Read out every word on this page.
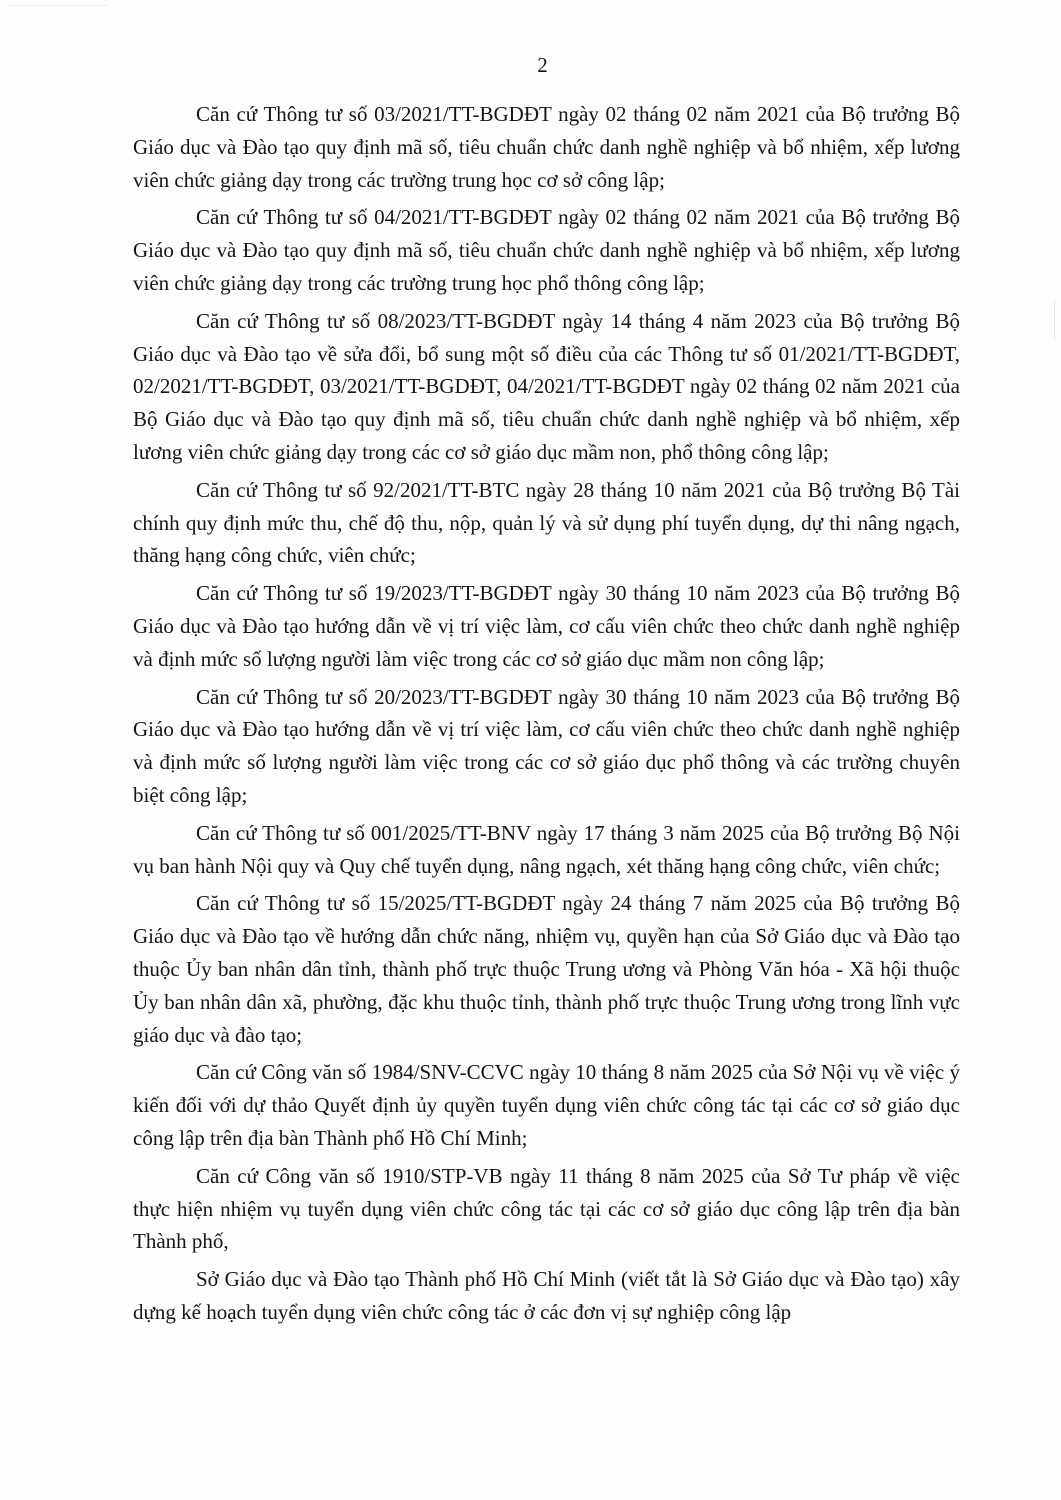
2

Căn cứ Thông tư số 03/2021/TT-BGDĐT ngày 02 tháng 02 năm 2021 của Bộ trưởng Bộ Giáo dục và Đào tạo quy định mã số, tiêu chuẩn chức danh nghề nghiệp và bổ nhiệm, xếp lương viên chức giảng dạy trong các trường trung học cơ sở công lập;

Căn cứ Thông tư số 04/2021/TT-BGDĐT ngày 02 tháng 02 năm 2021 của Bộ trưởng Bộ Giáo dục và Đào tạo quy định mã số, tiêu chuẩn chức danh nghề nghiệp và bổ nhiệm, xếp lương viên chức giảng dạy trong các trường trung học phổ thông công lập;

Căn cứ Thông tư số 08/2023/TT-BGDĐT ngày 14 tháng 4 năm 2023 của Bộ trưởng Bộ Giáo dục và Đào tạo về sửa đổi, bổ sung một số điều của các Thông tư số 01/2021/TT-BGDĐT, 02/2021/TT-BGDĐT, 03/2021/TT-BGDĐT, 04/2021/TT-BGDĐT ngày 02 tháng 02 năm 2021 của Bộ Giáo dục và Đào tạo quy định mã số, tiêu chuẩn chức danh nghề nghiệp và bổ nhiệm, xếp lương viên chức giảng dạy trong các cơ sở giáo dục mầm non, phổ thông công lập;

Căn cứ Thông tư số 92/2021/TT-BTC ngày 28 tháng 10 năm 2021 của Bộ trưởng Bộ Tài chính quy định mức thu, chế độ thu, nộp, quản lý và sử dụng phí tuyển dụng, dự thi nâng ngạch, thăng hạng công chức, viên chức;

Căn cứ Thông tư số 19/2023/TT-BGDĐT ngày 30 tháng 10 năm 2023 của Bộ trưởng Bộ Giáo dục và Đào tạo hướng dẫn về vị trí việc làm, cơ cấu viên chức theo chức danh nghề nghiệp và định mức số lượng người làm việc trong các cơ sở giáo dục mầm non công lập;

Căn cứ Thông tư số 20/2023/TT-BGDĐT ngày 30 tháng 10 năm 2023 của Bộ trưởng Bộ Giáo dục và Đào tạo hướng dẫn về vị trí việc làm, cơ cấu viên chức theo chức danh nghề nghiệp và định mức số lượng người làm việc trong các cơ sở giáo dục phổ thông và các trường chuyên biệt công lập;

Căn cứ Thông tư số 001/2025/TT-BNV ngày 17 tháng 3 năm 2025 của Bộ trưởng Bộ Nội vụ ban hành Nội quy và Quy chế tuyển dụng, nâng ngạch, xét thăng hạng công chức, viên chức;

Căn cứ Thông tư số 15/2025/TT-BGDĐT ngày 24 tháng 7 năm 2025 của Bộ trưởng Bộ Giáo dục và Đào tạo về hướng dẫn chức năng, nhiệm vụ, quyền hạn của Sở Giáo dục và Đào tạo thuộc Ủy ban nhân dân tỉnh, thành phố trực thuộc Trung ương và Phòng Văn hóa - Xã hội thuộc Ủy ban nhân dân xã, phường, đặc khu thuộc tỉnh, thành phố trực thuộc Trung ương trong lĩnh vực giáo dục và đào tạo;

Căn cứ Công văn số 1984/SNV-CCVC ngày 10 tháng 8 năm 2025 của Sở Nội vụ về việc ý kiến đối với dự thảo Quyết định ủy quyền tuyển dụng viên chức công tác tại các cơ sở giáo dục công lập trên địa bàn Thành phố Hồ Chí Minh;

Căn cứ Công văn số 1910/STP-VB ngày 11 tháng 8 năm 2025 của Sở Tư pháp về việc thực hiện nhiệm vụ tuyển dụng viên chức công tác tại các cơ sở giáo dục công lập trên địa bàn Thành phố,

Sở Giáo dục và Đào tạo Thành phố Hồ Chí Minh (viết tắt là Sở Giáo dục và Đào tạo) xây dựng kế hoạch tuyển dụng viên chức công tác ở các đơn vị sự nghiệp công lập
